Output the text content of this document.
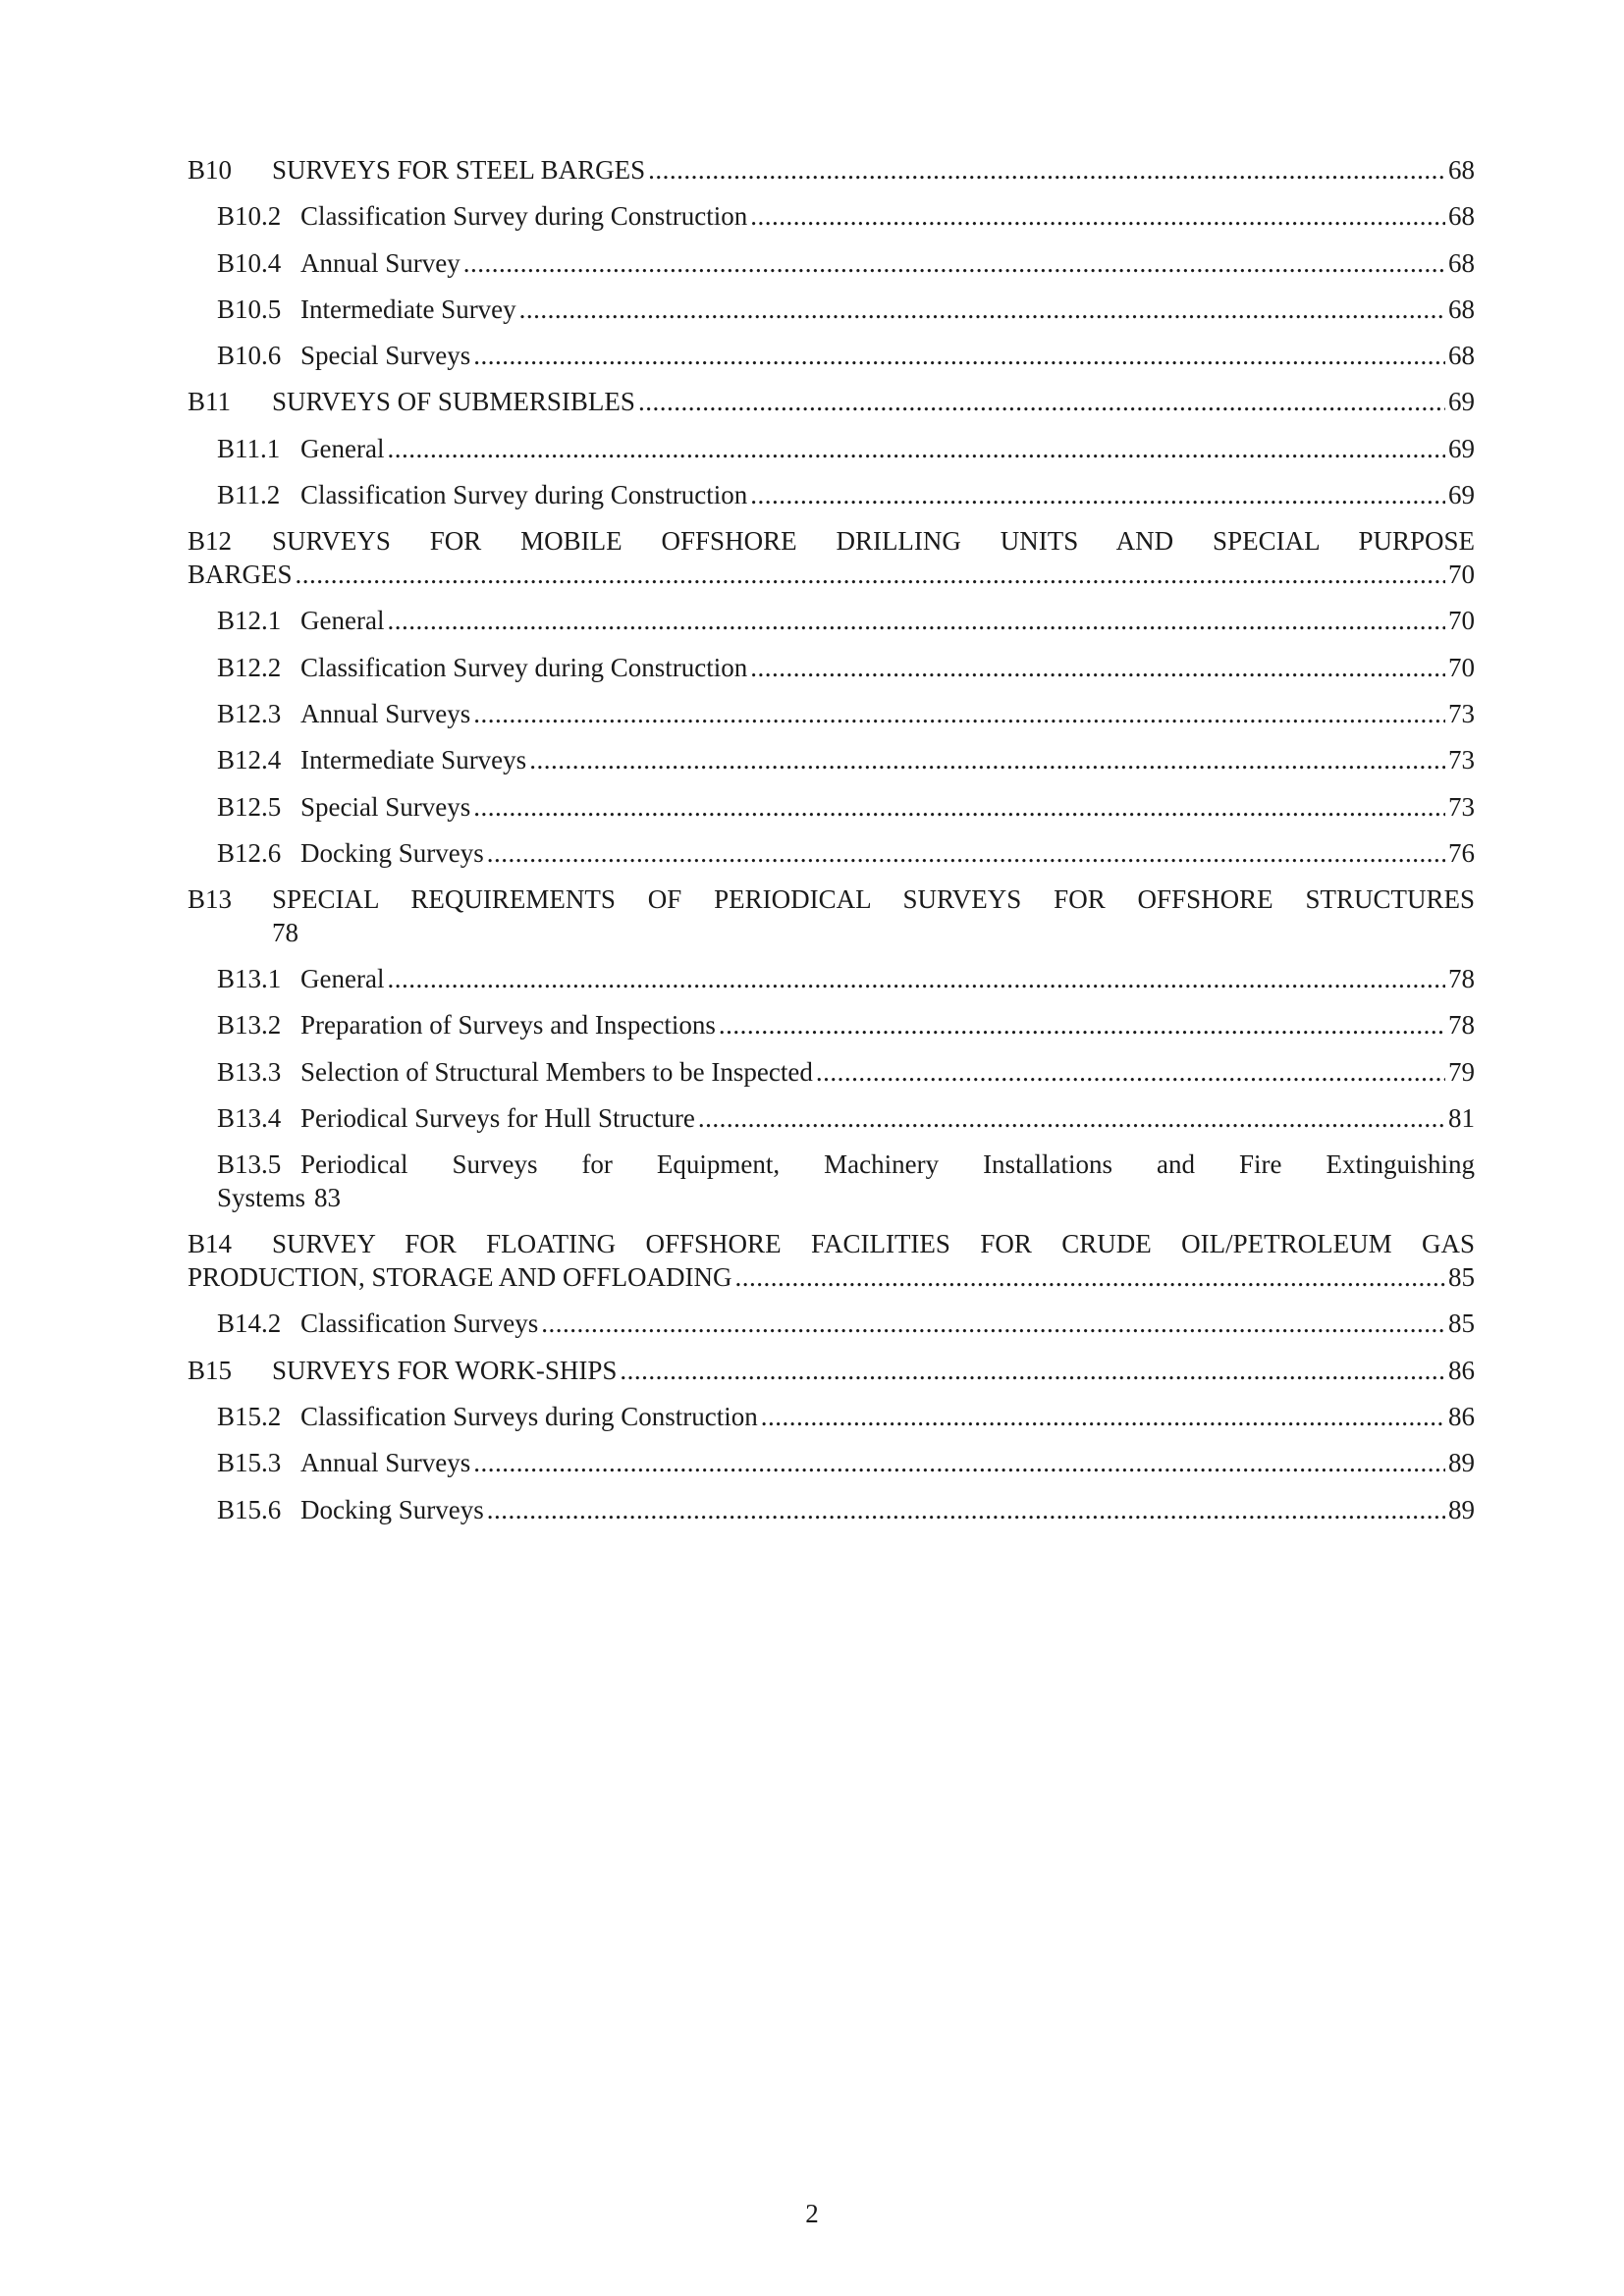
B10	SURVEYS FOR STEEL BARGES .....	68
B10.2 Classification Survey during Construction .....	68
B10.4 Annual Survey .....	68
B10.5 Intermediate Survey .....	68
B10.6 Special Surveys .....	68
B11	SURVEYS OF SUBMERSIBLES .....	69
B11.1 General .....	69
B11.2 Classification Survey during Construction .....	69
B12	SURVEYS FOR MOBILE OFFSHORE DRILLING UNITS AND SPECIAL PURPOSE
BARGES .....	70
B12.1 General .....	70
B12.2 Classification Survey during Construction .....	70
B12.3 Annual Surveys .....	73
B12.4 Intermediate Surveys .....	73
B12.5 Special Surveys .....	73
B12.6 Docking Surveys .....	76
B13	SPECIAL REQUIREMENTS OF PERIODICAL SURVEYS FOR OFFSHORE STRUCTURES
78
B13.1 General .....	78
B13.2 Preparation of Surveys and Inspections .....	78
B13.3 Selection of Structural Members to be Inspected .....	79
B13.4 Periodical Surveys for Hull Structure .....	81
B13.5 Periodical Surveys for Equipment, Machinery Installations and Fire Extinguishing
Systems 83
B14	SURVEY FOR FLOATING OFFSHORE FACILITIES FOR CRUDE OIL/PETROLEUM GAS
PRODUCTION, STORAGE AND OFFLOADING .....	85
B14.2 Classification Surveys .....	85
B15	SURVEYS FOR WORK-SHIPS .....	86
B15.2 Classification Surveys during Construction .....	86
B15.3 Annual Surveys .....	89
B15.6 Docking Surveys .....	89
2
